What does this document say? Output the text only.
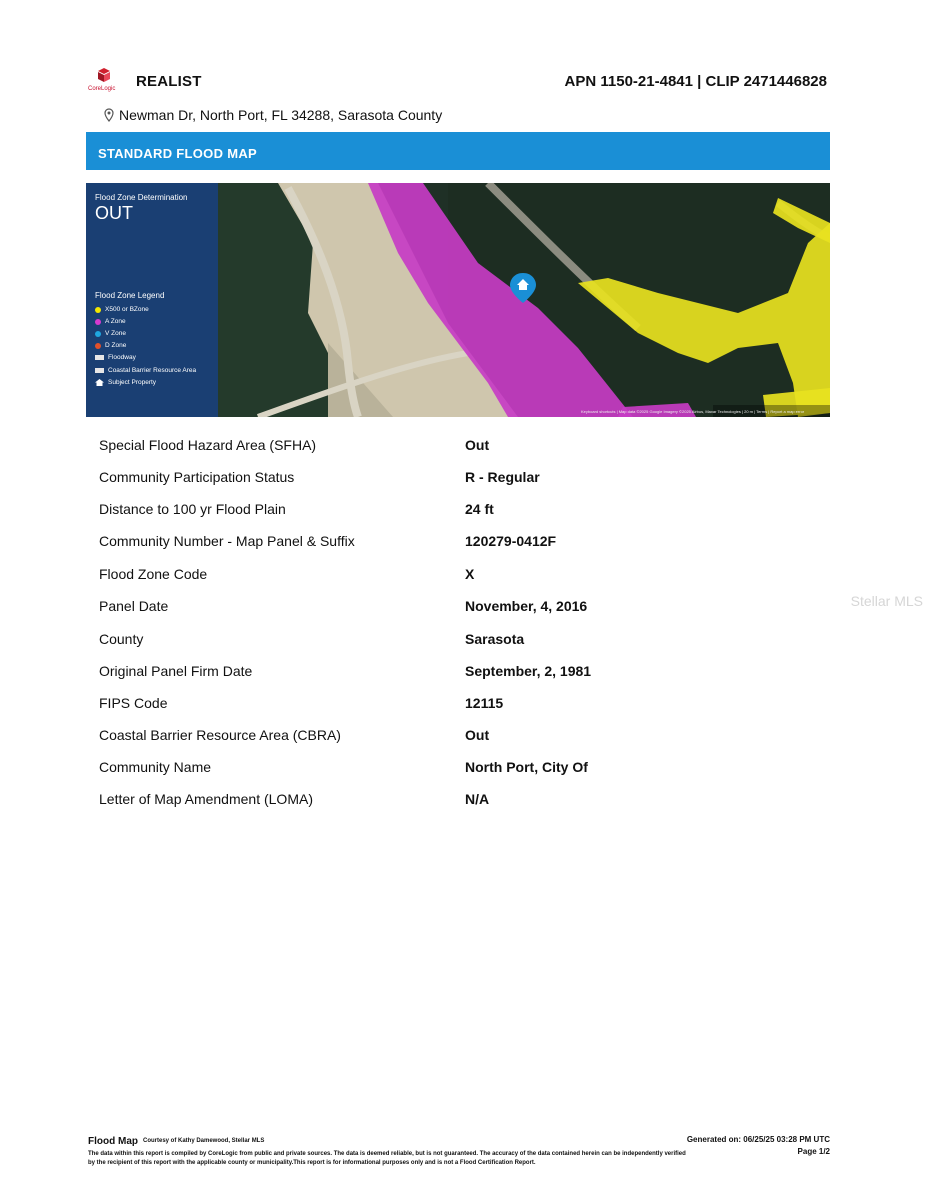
CoreLogic REALIST	APN 1150-21-4841 | CLIP 2471446828
Newman Dr, North Port, FL 34288, Sarasota County
STANDARD FLOOD MAP
Flood Zone Determination
OUT
Flood Zone Legend
X500 or BZone
A Zone
V Zone
D Zone
Floodway
Coastal Barrier Resource Area
Subject Property
Keyboard shortcuts | Map data ©2025 Google Imagery ©2025 Airbus, Maxar Technologies | 20 m | Terms | Report a map error
Special Flood Hazard Area (SFHA)	Out
Community Participation Status	R - Regular
Distance to 100 yr Flood Plain	24 ft
Community Number - Map Panel & Suffix	120279-0412F
Flood Zone Code	X
Panel Date	November, 4, 2016
County	Sarasota
Original Panel Firm Date	September, 2, 1981
FIPS Code	12115
Coastal Barrier Resource Area (CBRA)	Out
Community Name	North Port, City Of
Letter of Map Amendment (LOMA)	N/A
Stellar MLS
Flood Map Courtesy of Kathy Damewood, Stellar MLS
The data within this report is compiled by CoreLogic from public and private sources. The data is deemed reliable, but is not guaranteed. The accuracy of the data contained herein can be independently verified by the recipient of this report with the applicable county or municipality.This report is for informational purposes only and is not a Flood Certification Report.
Generated on: 06/25/25 03:28 PM UTC
Page 1/2
